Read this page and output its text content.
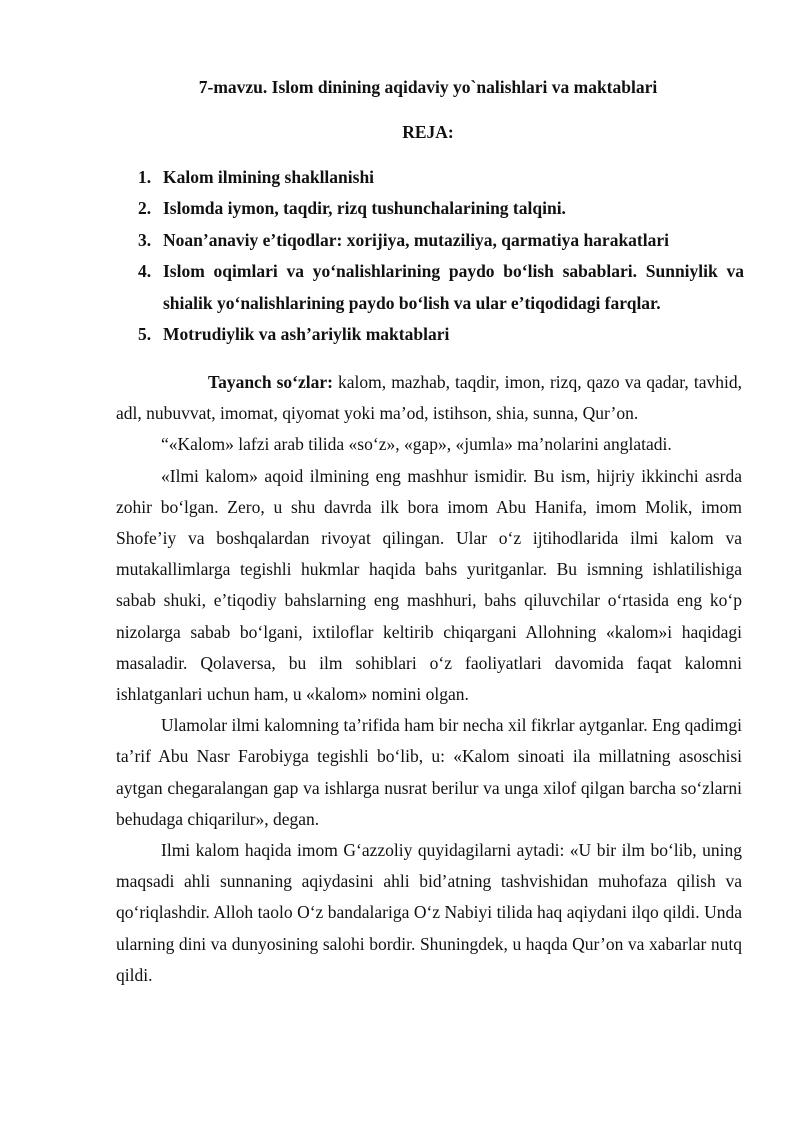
7-mavzu. Islom dinining aqidaviy yo`nalishlari va maktablari
REJA:
1. Kalom ilmining shakllanishi
2. Islomda iymon, taqdir, rizq tushunchalarining talqini.
3. Noan’anaviy e’tiqodlar: xorijiya, mutaziliya, qarmatiya harakatlari
4. Islom oqimlari va yo‘nalishlarining paydo bo‘lish sabablari. Sunniylik va shialik yo‘nalishlarining paydo bo‘lish va ular e’tiqodidagi farqlar.
5. Motrudiylik va ash’ariylik maktablari

Tayanch so‘zlar: kalom, mazhab, taqdir, imon, rizq, qazo va qadar, tavhid, adl, nubuvvat, imomat, qiyomat yoki ma’od, istihson, shia, sunna, Qur’on.

“«Kalom» lafzi arab tilida «so‘z», «gap», «jumla» ma’nolarini anglatadi.

«Ilmi kalom» aqoid ilmining eng mashhur ismidir. Bu ism, hijriy ikkinchi asrda zohir bo‘lgan. Zero, u shu davrda ilk bora imom Abu Hanifa, imom Molik, imom Shofe’iy va boshqalardan rivoyat qilingan. Ular o‘z ijtihodlarida ilmi kalom va mutakallimlarga tegishli hukmlar haqida bahs yuritganlar. Bu ismning ishlatilishiga sabab shuki, e’tiqodiy bahslarning eng mashhuri, bahs qiluvchilar o‘rtasida eng ko‘p nizolarga sabab bo‘lgani, ixtiloflar keltirib chiqargani Allohning «kalom»i haqidagi masaladir. Qolaversa, bu ilm sohiblari o‘z faoliyatlari davomida faqat kalomni ishlatganlari uchun ham, u «kalom» nomini olgan.

Ulamolar ilmi kalomning ta’rifida ham bir necha xil fikrlar aytganlar. Eng qadimgi ta’rif Abu Nasr Farobiyga tegishli bo‘lib, u: «Kalom sinoati ila millatning asoschisi aytgan chegaralangan gap va ishlarga nusrat berilur va unga xilof qilgan barcha so‘zlarni behudaga chiqarilur», degan.

Ilmi kalom haqida imom G‘azzoliy quyidagilarni aytadi: «U bir ilm bo‘lib, uning maqsadi ahli sunnaning aqiydasini ahli bid’atning tashvishidan muhofaza qilish va qo‘riqlashdir. Alloh taolo O‘z bandalariga O‘z Nabiyi tilida haq aqiydani ilqo qildi. Unda ularning dini va dunyosining salohi bordir. Shuningdek, u haqda Qur’on va xabarlar nutq qildi.
